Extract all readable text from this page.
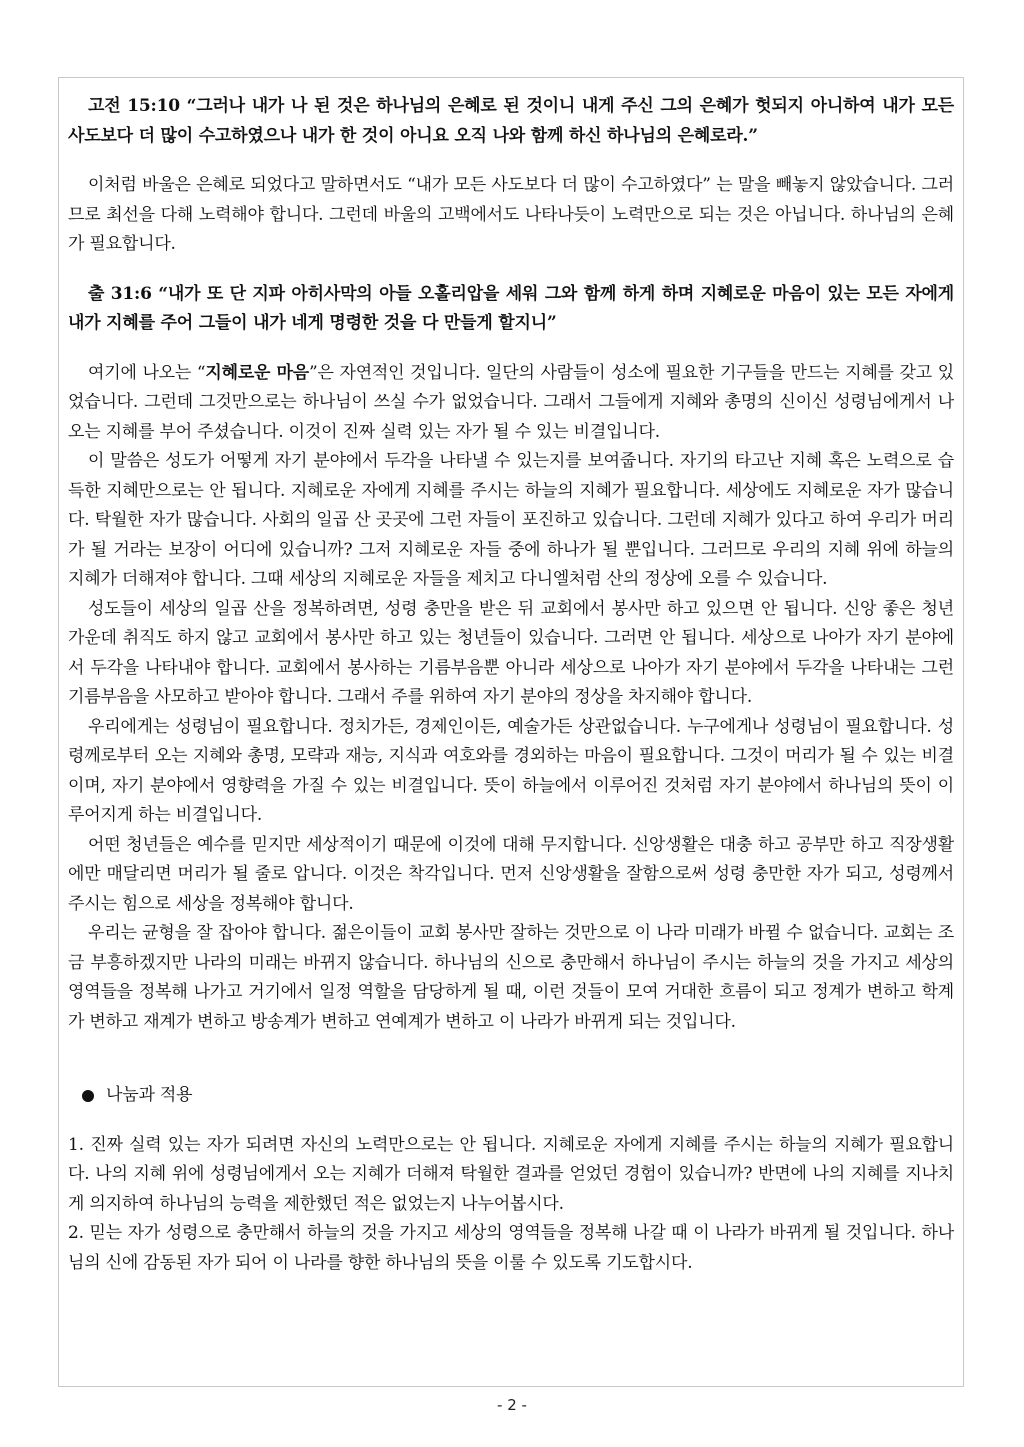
고전 15:10 “그러나 내가 나 된 것은 하나님의 은혜로 된 것이니 내게 주신 그의 은혜가 헛되지 아니하여 내가 모든 사도보다 더 많이 수고하였으나 내가 한 것이 아니요 오직 나와 함께 하신 하나님의 은혜로라.”

이처럼 바울은 은혜로 되었다고 말하면서도 “내가 모든 사도보다 더 많이 수고하였다” 는 말을 빼놓지 않았습니다. 그러므로 최선을 다해 노력해야 합니다. 그런데 바울의 고백에서도 나타나듯이 노력만으로 되는 것은 아닙니다. 하나님의 은혜가 필요합니다.

출 31:6 “내가 또 단 지파 아히사막의 아들 오홀리압을 세워 그와 함께 하게 하며 지혜로운 마음이 있는 모든 자에게 내가 지혜를 주어 그들이 내가 네게 명령한 것을 다 만들게 할지니”

여기에 나오는 “지혜로운 마음”은 자연적인 것입니다. 일단의 사람들이 성소에 필요한 기구들을 만드는 지혜를 갖고 있었습니다. 그런데 그것만으로는 하나님이 쓰실 수가 없었습니다. 그래서 그들에게 지혜와 총명의 신이신 성령님에게서 나오는 지혜를 부어 주셨습니다. 이것이 진짜 실력 있는 자가 될 수 있는 비결입니다.

이 말씀은 성도가 어떻게 자기 분야에서 두각을 나타낼 수 있는지를 보여줍니다. 자기의 타고난 지혜 혹은 노력으로 습득한 지혜만으로는 안 됩니다. 지혜로운 자에게 지혜를 주시는 하늘의 지혜가 필요합니다. 세상에도 지혜로운 자가 많습니다. 탁월한 자가 많습니다. 사회의 일곱 산 곳곳에 그런 자들이 포진하고 있습니다. 그런데 지혜가 있다고 하여 우리가 머리가 될 거라는 보장이 어디에 있습니까? 그저 지혜로운 자들 중에 하나가 될 뿐입니다. 그러므로 우리의 지혜 위에 하늘의 지혜가 더해져야 합니다. 그때 세상의 지혜로운 자들을 제치고 다니엘처럼 산의 정상에 오를 수 있습니다.

성도들이 세상의 일곱 산을 정복하려면, 성령 충만을 받은 뒤 교회에서 봉사만 하고 있으면 안 됩니다. 신앙 좋은 청년 가운데 취직도 하지 않고 교회에서 봉사만 하고 있는 청년들이 있습니다. 그러면 안 됩니다. 세상으로 나아가 자기 분야에서 두각을 나타내야 합니다. 교회에서 봉사하는 기름부음뿐 아니라 세상으로 나아가 자기 분야에서 두각을 나타내는 그런 기름부음을 사모하고 받아야 합니다. 그래서 주를 위하여 자기 분야의 정상을 차지해야 합니다.

우리에게는 성령님이 필요합니다. 정치가든, 경제인이든, 예술가든 상관없습니다. 누구에게나 성령님이 필요합니다. 성령께로부터 오는 지혜와 총명, 모략과 재능, 지식과 여호와를 경외하는 마음이 필요합니다. 그것이 머리가 될 수 있는 비결이며, 자기 분야에서 영향력을 가질 수 있는 비결입니다. 뜻이 하늘에서 이루어진 것처럼 자기 분야에서 하나님의 뜻이 이루어지게 하는 비결입니다.

어떤 청년들은 예수를 믿지만 세상적이기 때문에 이것에 대해 무지합니다. 신앙생활은 대충 하고 공부만 하고 직장생활에만 매달리면 머리가 될 줄로 압니다. 이것은 착각입니다. 먼저 신앙생활을 잘함으로써 성령 충만한 자가 되고, 성령께서 주시는 힘으로 세상을 정복해야 합니다.

우리는 균형을 잘 잡아야 합니다. 젊은이들이 교회 봉사만 잘하는 것만으로 이 나라 미래가 바뀔 수 없습니다. 교회는 조금 부흥하겠지만 나라의 미래는 바뀌지 않습니다. 하나님의 신으로 충만해서 하나님이 주시는 하늘의 것을 가지고 세상의 영역들을 정복해 나가고 거기에서 일정 역할을 담당하게 될 때, 이런 것들이 모여 거대한 흐름이 되고 정계가 변하고 학계가 변하고 재계가 변하고 방송계가 변하고 연예계가 변하고 이 나라가 바뀌게 되는 것입니다.

나눔과 적용

1. 진짜 실력 있는 자가 되려면 자신의 노력만으로는 안 됩니다. 지혜로운 자에게 지혜를 주시는 하늘의 지혜가 필요합니다. 나의 지혜 위에 성령님에게서 오는 지혜가 더해져 탁월한 결과를 얻었던 경험이 있습니까? 반면에 나의 지혜를 지나치게 의지하여 하나님의 능력을 제한했던 적은 없었는지 나누어봅시다.

2. 믿는 자가 성령으로 충만해서 하늘의 것을 가지고 세상의 영역들을 정복해 나갈 때 이 나라가 바뀌게 될 것입니다. 하나님의 신에 감동된 자가 되어 이 나라를 향한 하나님의 뜻을 이룰 수 있도록 기도합시다.

- 2 -
